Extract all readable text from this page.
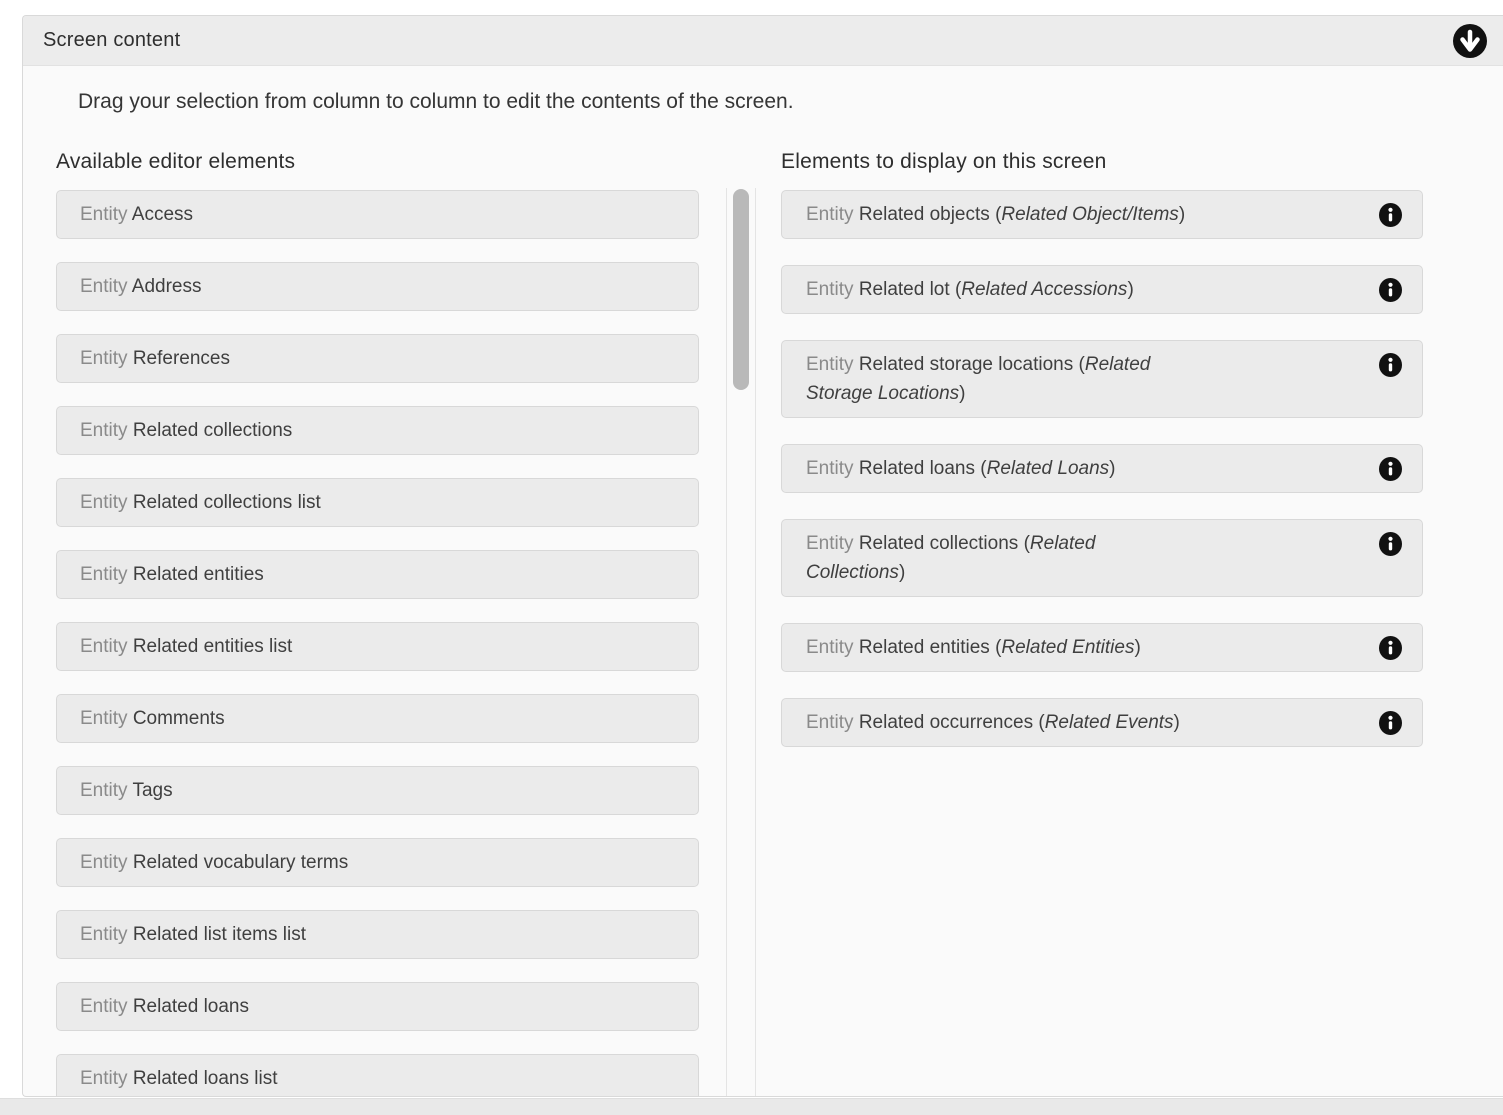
Screen content

Drag your selection from column to column to edit the contents of the screen.

Available editor elements
Entity Access
Entity Address
Entity References
Entity Related collections
Entity Related collections list
Entity Related entities
Entity Related entities list
Entity Comments
Entity Tags
Entity Related vocabulary terms
Entity Related list items list
Entity Related loans
Entity Related loans list
Elements to display on this screen
Entity Related objects (Related Object/Items)
Entity Related lot (Related Accessions)
Entity Related storage locations (Related Storage Locations)
Entity Related loans (Related Loans)
Entity Related collections (Related Collections)
Entity Related entities (Related Entities)
Entity Related occurrences (Related Events)
